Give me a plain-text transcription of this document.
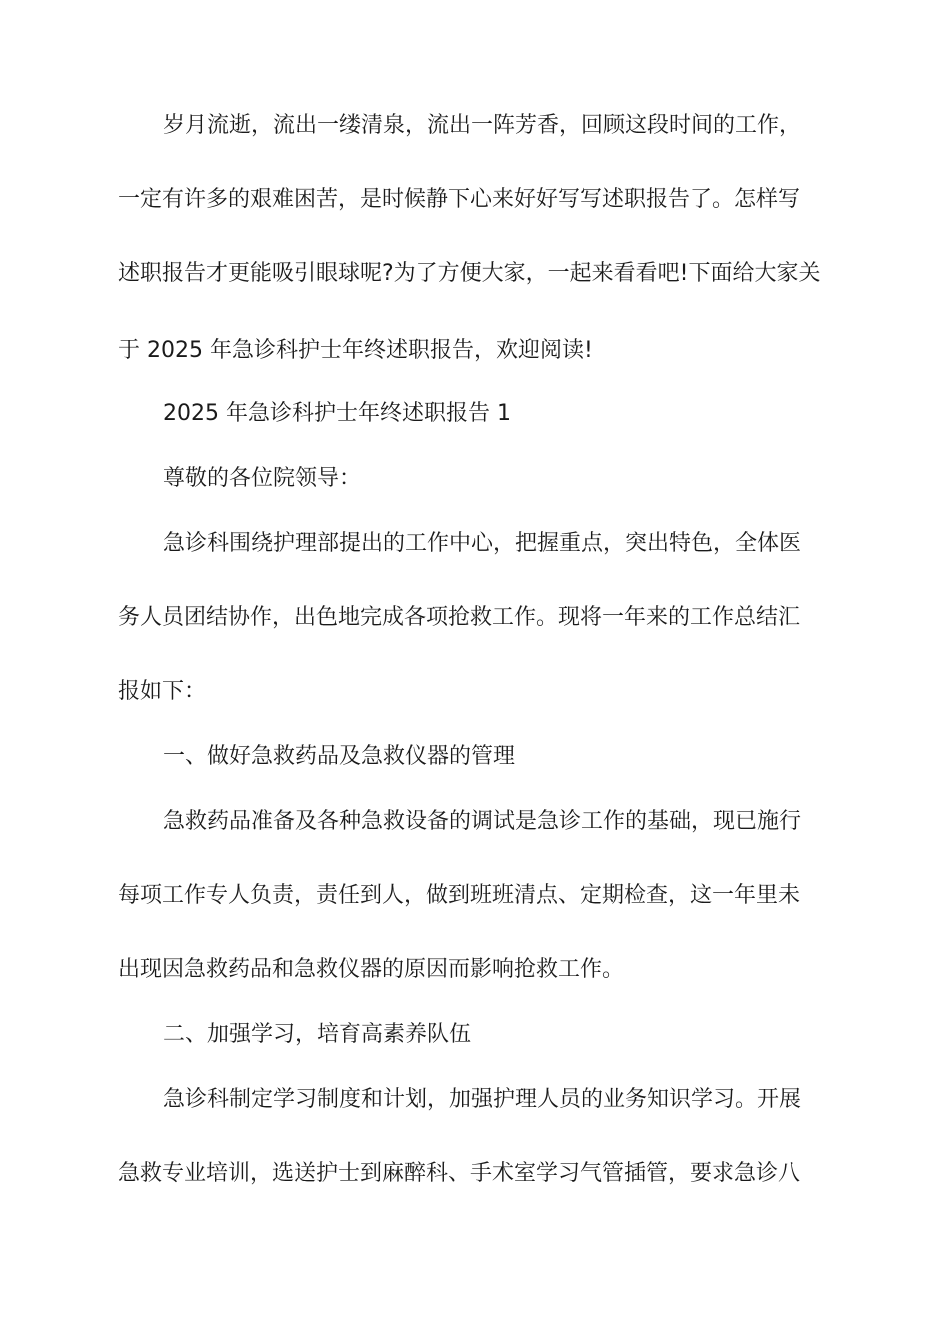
岁月流逝，流出一缕清泉，流出一阵芳香，回顾这段时间的工作，
一定有许多的艰难困苦，是时候静下心来好好写写述职报告了。怎样写
述职报告才更能吸引眼球呢?为了方便大家，一起来看看吧!下面给大家关
于 2025 年急诊科护士年终述职报告，欢迎阅读!
2025 年急诊科护士年终述职报告 1
尊敬的各位院领导：
急诊科围绕护理部提出的工作中心，把握重点，突出特色，全体医
务人员团结协作，出色地完成各项抢救工作。现将一年来的工作总结汇
报如下：
一、做好急救药品及急救仪器的管理
急救药品准备及各种急救设备的调试是急诊工作的基础，现已施行
每项工作专人负责，责任到人，做到班班清点、定期检查，这一年里未
出现因急救药品和急救仪器的原因而影响抢救工作。
二、加强学习，培育高素养队伍
急诊科制定学习制度和计划，加强护理人员的业务知识学习。开展
急救专业培训，选送护士到麻醉科、手术室学习气管插管，要求急诊八
